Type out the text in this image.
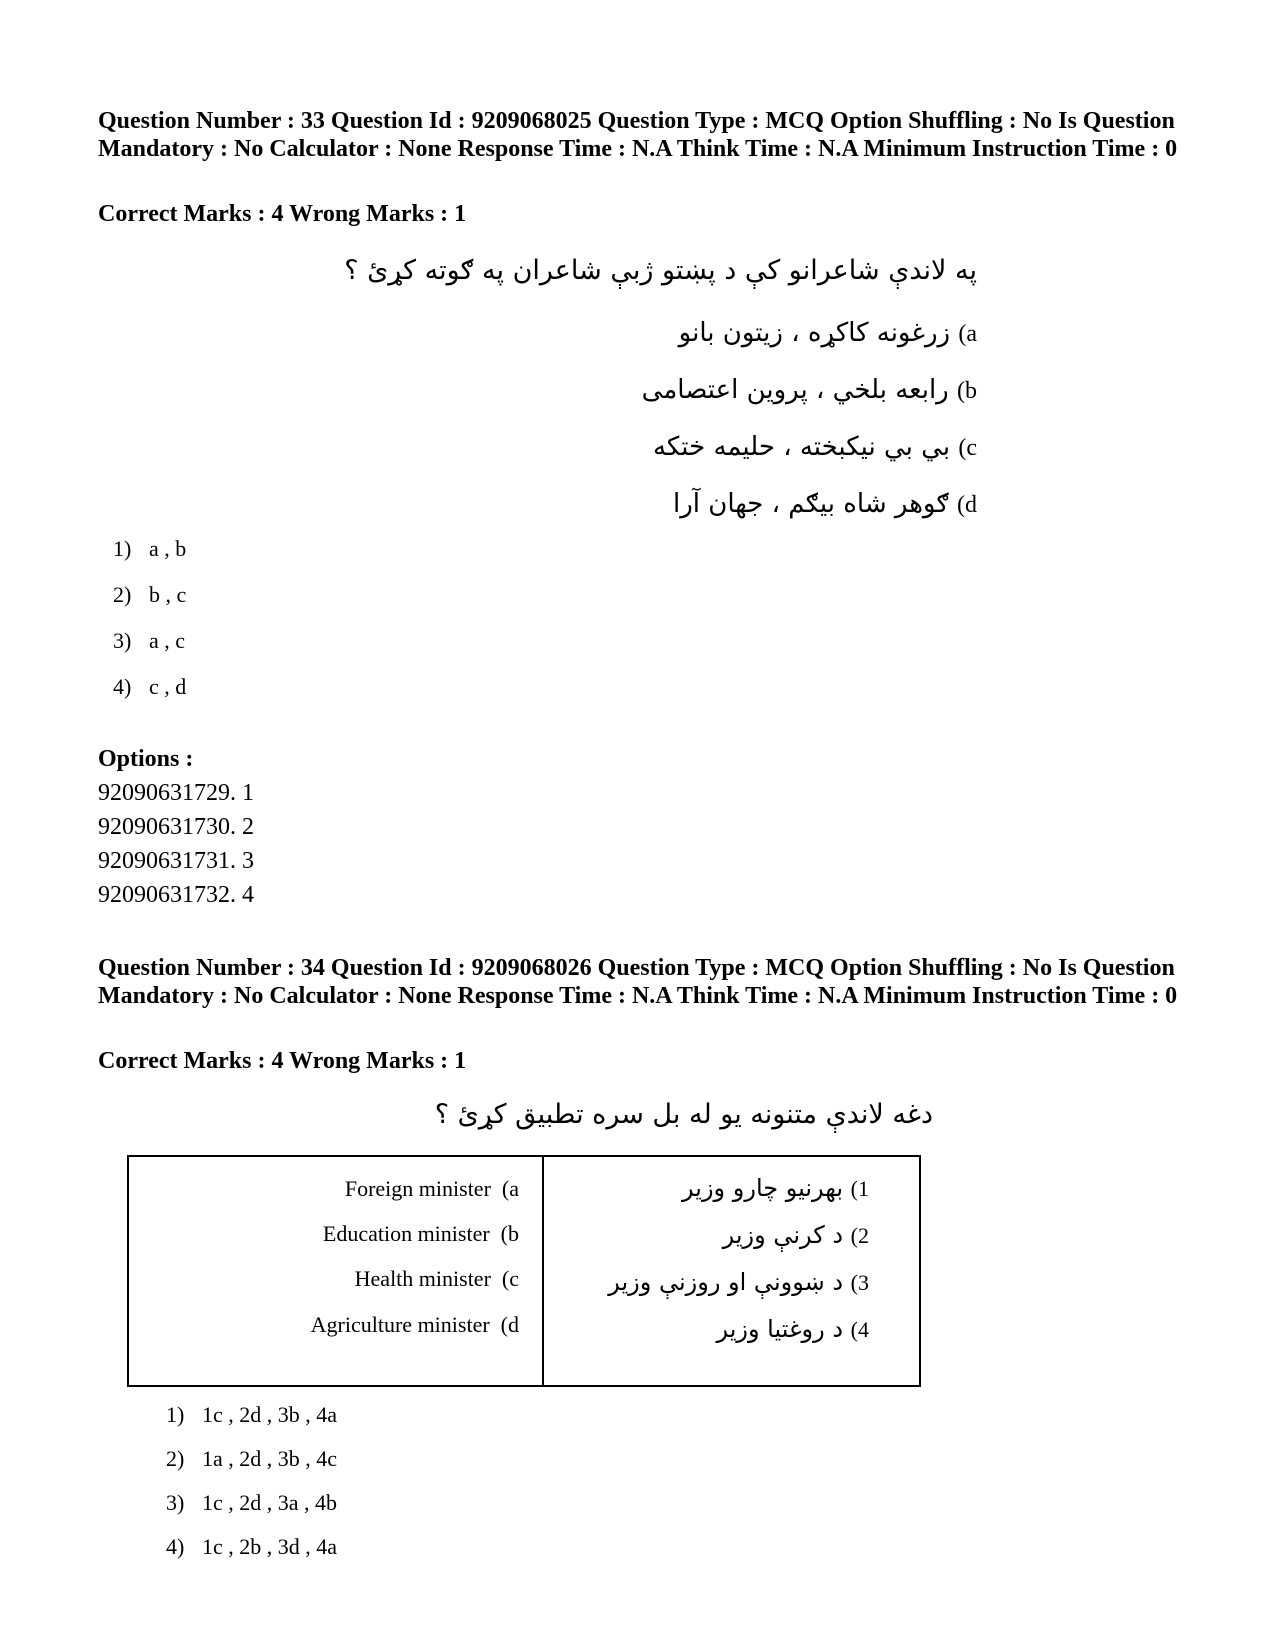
Question Number : 33 Question Id : 9209068025 Question Type : MCQ Option Shuffling : No Is Question Mandatory : No Calculator : None Response Time : N.A Think Time : N.A Minimum Instruction Time : 0

Correct Marks : 4 Wrong Marks : 1

په لاندې شاعرانو کې د پښتو ژبې شاعران په ګوته کړئ ؟
a) زرغونه کاکړه ، زیتون بانو
b) رابعه بلخي ، پروین اعتصامی
c) بي بي نیکبخته ، حلیمه ختکه
d) ګوهر شاه بیګم ، جهان آرا
1) a , b
2) b , c
3) a , c
4) c , d
Options :
92090631729. 1
92090631730. 2
92090631731. 3
92090631732. 4

Question Number : 34 Question Id : 9209068026 Question Type : MCQ Option Shuffling : No Is Question Mandatory : No Calculator : None Response Time : N.A Think Time : N.A Minimum Instruction Time : 0

Correct Marks : 4 Wrong Marks : 1

دغه لاندې متنونه یو له بل سره تطبیق کړئ ؟
Foreign minister (a
Education minister (b
Health minister (c
Agriculture minister (d
1) بهرنیو چارو وزیر
2) د کرنې وزیر
3) د ښوونې او روزنې وزیر
4) د روغتیا وزیر
1) 1c , 2d , 3b , 4a
2) 1a , 2d , 3b , 4c
3) 1c , 2d , 3a , 4b
4) 1c , 2b , 3d , 4a
